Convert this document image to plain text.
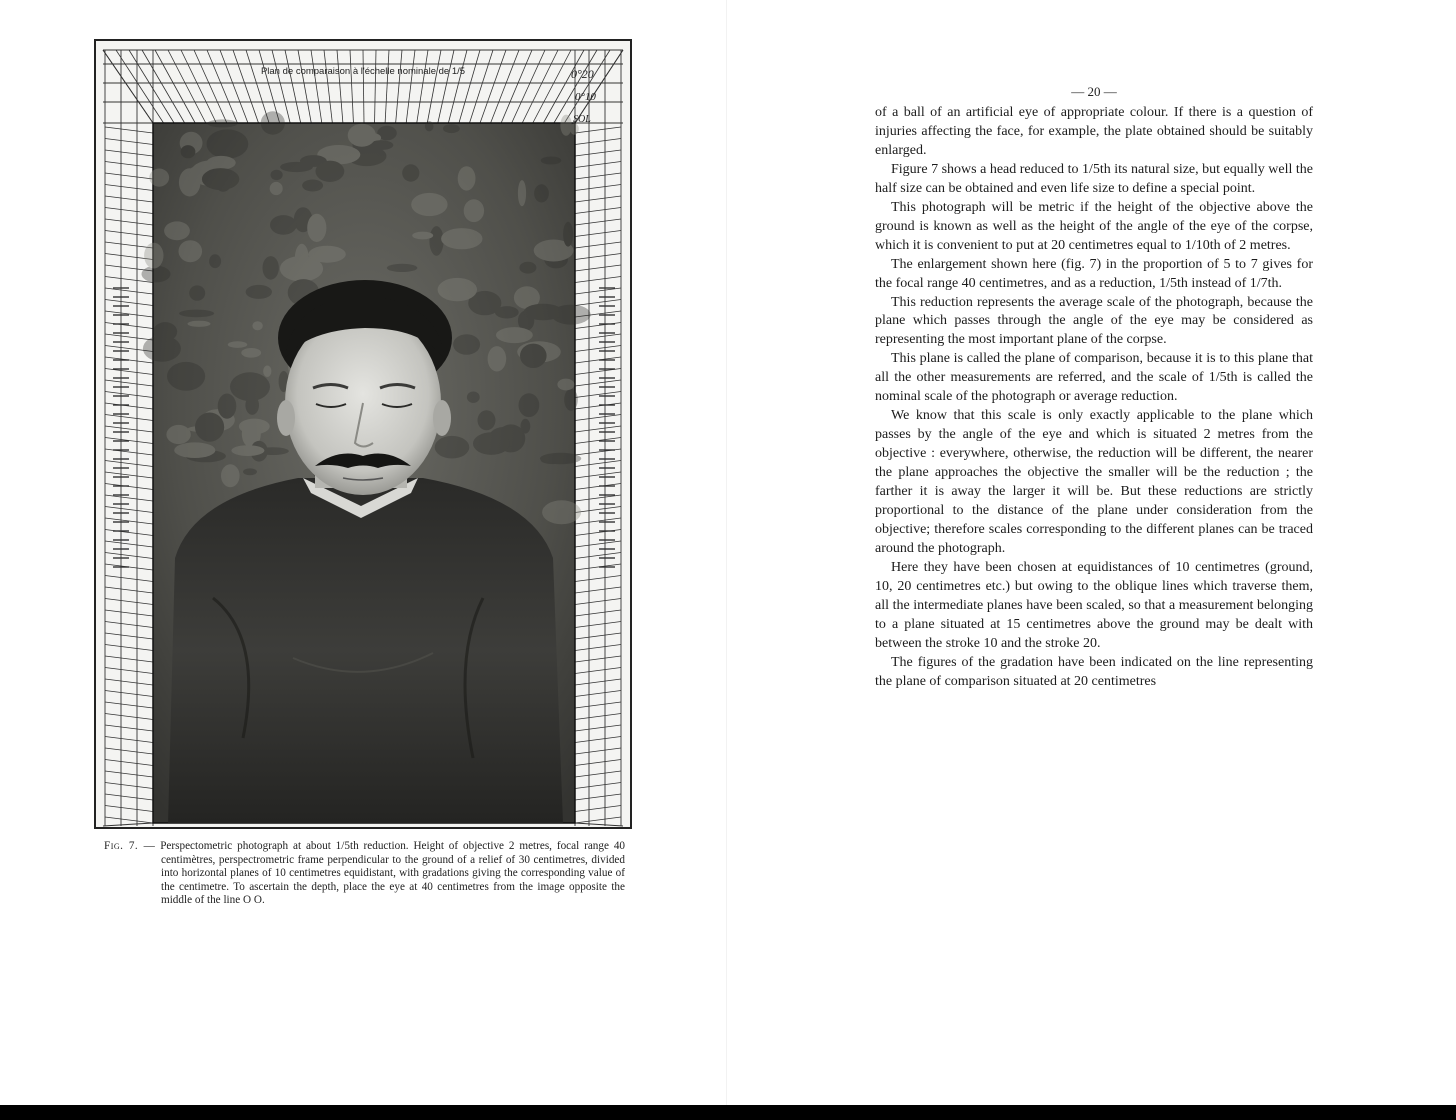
Plan de comparaison à l'échelle nominale de 1/5	0°20
0°10
SOL

Fig. 7. — Perspectometric photograph at about 1/5th reduction. Height of objective 2 metres, focal range 40 centimètres, perspectrometric frame perpendicular to the ground of a relief of 30 centimetres, divided into horizontal planes of 10 centimetres equidistant, with gradations giving the corresponding value of the centimetre. To ascertain the depth, place the eye at 40 centimetres from the image opposite the middle of the line O O.

— 20 —

of a ball of an artificial eye of appropriate colour. If there is a question of injuries affecting the face, for example, the plate obtained should be suitably enlarged.

Figure 7 shows a head reduced to 1/5th its natural size, but equally well the half size can be obtained and even life size to define a special point.

This photograph will be metric if the height of the objective above the ground is known as well as the height of the angle of the eye of the corpse, which it is convenient to put at 20 centimetres equal to 1/10th of 2 metres.

The enlargement shown here (fig. 7) in the proportion of 5 to 7 gives for the focal range 40 centimetres, and as a reduction, 1/5th instead of 1/7th.

This reduction represents the average scale of the photograph, because the plane which passes through the angle of the eye may be considered as representing the most important plane of the corpse.

This plane is called the plane of comparison, because it is to this plane that all the other measurements are referred, and the scale of 1/5th is called the nominal scale of the photograph or average reduction.

We know that this scale is only exactly applicable to the plane which passes by the angle of the eye and which is situated 2 metres from the objective : everywhere, otherwise, the reduction will be different, the nearer the plane approaches the objective the smaller will be the reduction ; the farther it is away the larger it will be. But these reductions are strictly proportional to the distance of the plane under consideration from the objective; therefore scales corresponding to the different planes can be traced around the photograph.

Here they have been chosen at equidistances of 10 centimetres (ground, 10, 20 centimetres etc.) but owing to the oblique lines which traverse them, all the intermediate planes have been scaled, so that a measurement belonging to a plane situated at 15 centimetres above the ground may be dealt with between the stroke 10 and the stroke 20.

The figures of the gradation have been indicated on the line representing the plane of comparison situated at 20 centimetres
